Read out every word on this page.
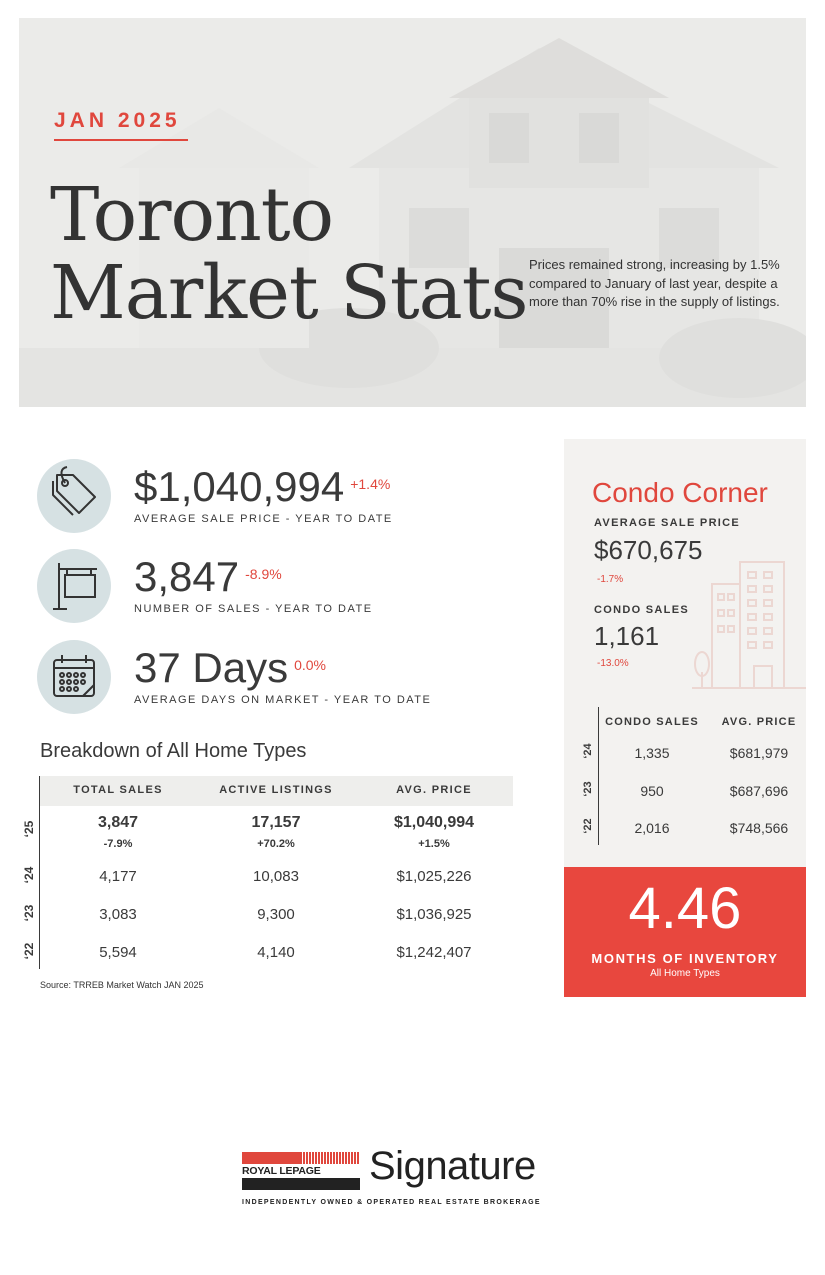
JAN 2025
Toronto
Market Stats Prices remained strong, increasing by 1.5% compared to January of last year, despite a more than 70% rise in the supply of listings.
$1,040,994 $^{+1.4\%}$
AVERAGE SALE PRICE - YEAR TO DATE
3,847 $^{-8.9\%}$
NUMBER OF SALES - YEAR TO DATE
37 Days $^{0.0\%}$
AVERAGE DAYS ON MARKET - YEAR TO DATE
Breakdown of All Home Types
TOTAL SALES	ACTIVE LISTINGS	AVG. PRICE
‘25	3,847	17,157	$1,040,994
-7.9%	+70.2%	+1.5%
‘24	4,177	10,083	$1,025,226
‘23	3,083	9,300	$1,036,925
‘22	5,594	4,140	$1,242,407
Source: TRREB Market Watch JAN 2025
Condo Corner
AVERAGE SALE PRICE
$670,675
-1.7%
CONDO SALES
1,161
-13.0%
CONDO SALES	AVG. PRICE
‘24	1,335	$681,979
‘23	950	$687,696
‘22	2,016	$748,566
4.46
MONTHS OF INVENTORY
All Home Types
ROYAL LEPAGE	Signature
INDEPENDENTLY OWNED & OPERATED REAL ESTATE BROKERAGE
